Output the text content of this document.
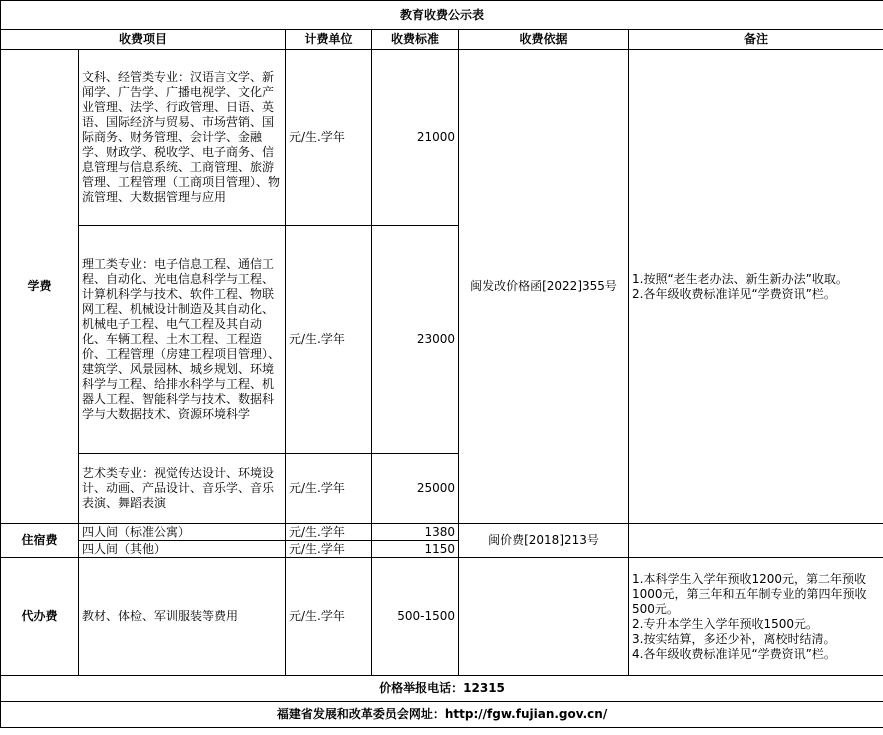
教育收费公示表					
收费项目		计费单位	收费标准	收费依据	备注
学费	文科、经管类专业：汉语言文学、新闻学、广告学、广播电视学、文化产业管理、法学、行政管理、日语、英语、国际经济与贸易、市场营销、国际商务、财务管理、会计学、金融学、财政学、税收学、电子商务、信息管理与信息系统、工商管理、旅游管理、工程管理（工商项目管理）、物流管理、大数据管理与应用	元/生.学年	21000	闽发改价格函[2022]355号	1.按照“老生老办法、新生新办法”收取。

2.各年级收费标准详见“学费资讯”栏。

	理工类专业：电子信息工程、通信工程、自动化、光电信息科学与工程、计算机科学与技术、软件工程、物联网工程、机械设计制造及其自动化、机械电子工程、电气工程及其自动化、车辆工程、土木工程、工程造价、工程管理（房建工程项目管理）、建筑学、风景园林、城乡规划、环境科学与工程、给排水科学与工程、机器人工程、智能科学与技术、数据科学与大数据技术、资源环境科学	元/生.学年	23000		
	艺术类专业：视觉传达设计、环境设计、动画、产品设计、音乐学、音乐表演、舞蹈表演	元/生.学年	25000		
住宿费	四人间（标准公寓）	元/生.学年	1380	闽价费[2018]213号	
	四人间（其他）	元/生.学年	1150		
代办费	教材、体检、军训服装等费用	元/生.学年	500-1500		1.本科学生入学年预收1200元，第二年预收1000元，第三年和五年制专业的第四年预收500元。

2.专升本学生入学年预收1500元。

3.按实结算，多还少补，离校时结清。

4.各年级收费标准详见“学费资讯”栏。

价格举报电话：12315					
福建省发展和改革委员会网址：http://fgw.fujian.gov.cn/					
